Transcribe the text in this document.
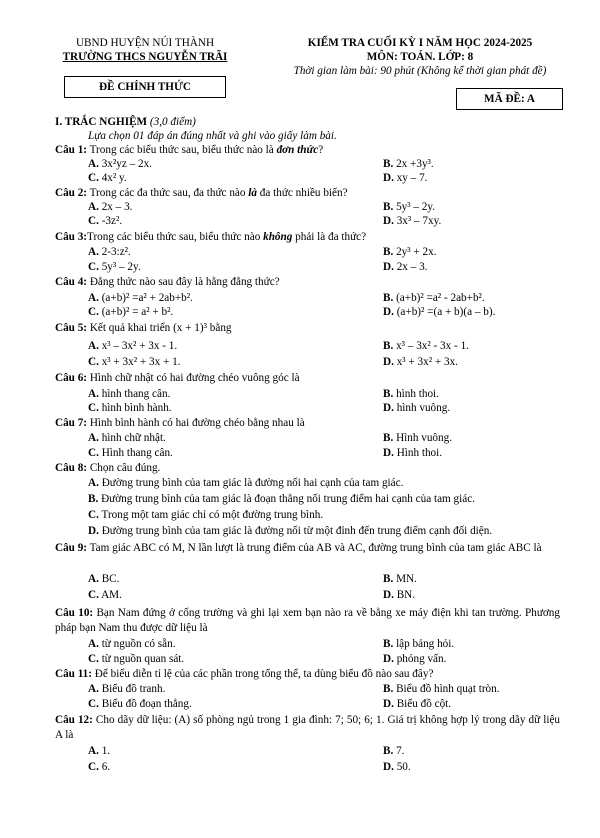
UBND HUYỆN NÚI THÀNH
TRƯỜNG THCS NGUYỄN TRÃI
ĐỀ CHÍNH THỨC
KIỂM TRA CUỐI KỲ I NĂM HỌC 2024-2025
MÔN: TOÁN. LỚP: 8
Thời gian làm bài: 90 phút (Không kể thời gian phát đề)
MÃ ĐỀ: A
I. TRẮC NGHIỆM (3,0 điểm)
Lựa chọn 01 đáp án đúng nhất và ghi vào giấy làm bài.
Câu 1: Trong các biểu thức sau, biểu thức nào là đơn thức?
A. 3x²yz – 2x.	B. 2x +3y³.
C. 4x² y.	D. xy – 7.
Câu 2: Trong các đa thức sau, đa thức nào là đa thức nhiều biến?
A. 2x – 3.	B. 5y³ – 2y.
C. -3z².	D. 3x³ – 7xy.
Câu 3:Trong các biểu thức sau, biểu thức nào không phải là đa thức?
A. 2-3:z².	B. 2y³ + 2x.
C. 5y³ – 2y.	D. 2x – 3.
Câu 4: Đẳng thức nào sau đây là hằng đẳng thức?
A. (a+b)² =a² + 2ab+b².	B. (a+b)² =a² - 2ab+b².
C. (a+b)² = a² + b².	D. (a+b)² =(a + b)(a – b).
Câu 5: Kết quả khai triển (x + 1)³ bằng
A. x³ – 3x² + 3x - 1.	B. x³ – 3x² - 3x - 1.
C. x³ + 3x² + 3x + 1.	D. x³ + 3x² + 3x.
Câu 6: Hình chữ nhật có hai đường chéo vuông góc là
A. hình thang cân.	B. hình thoi.
C. hình bình hành.	D. hình vuông.
Câu 7: Hình bình hành có hai đường chéo bằng nhau là
A. hình chữ nhật.	B. Hình vuông.
C. Hình thang cân.	D. Hình thoi.
Câu 8: Chọn câu đúng.
A. Đường trung bình của tam giác là đường nối hai cạnh của tam giác.
B. Đường trung bình của tam giác là đoạn thẳng nối trung điểm hai cạnh của tam giác.
C. Trong một tam giác chỉ có một đường trung bình.
D. Đường trung bình của tam giác là đường nối từ một đỉnh đến trung điểm cạnh đối diện.
Câu 9: Tam giác ABC có M, N lần lượt là trung điểm của AB và AC, đường trung bình của tam giác ABC là
A. BC.	B. MN.
C. AM.	D. BN.
Câu 10: Bạn Nam đứng ở cổng trường và ghi lại xem bạn nào ra về bằng xe máy điện khi tan trường. Phương pháp bạn Nam thu được dữ liệu là
A. từ nguồn có sẵn.	B. lập bảng hỏi.
C. từ nguồn quan sát.	D. phỏng vấn.
Câu 11: Để biểu diễn tỉ lệ của các phần trong tổng thể, ta dùng biểu đồ nào sau đây?
A. Biểu đồ tranh.	B. Biểu đồ hình quạt tròn.
C. Biểu đồ đoạn thẳng.	D. Biểu đồ cột.
Câu 12: Cho dãy dữ liệu: (A) số phòng ngủ trong 1 gia đình: 7; 50; 6; 1. Giá trị không hợp lý trong dãy dữ liệu A là
A. 1.	B. 7.
C. 6.	D. 50.
